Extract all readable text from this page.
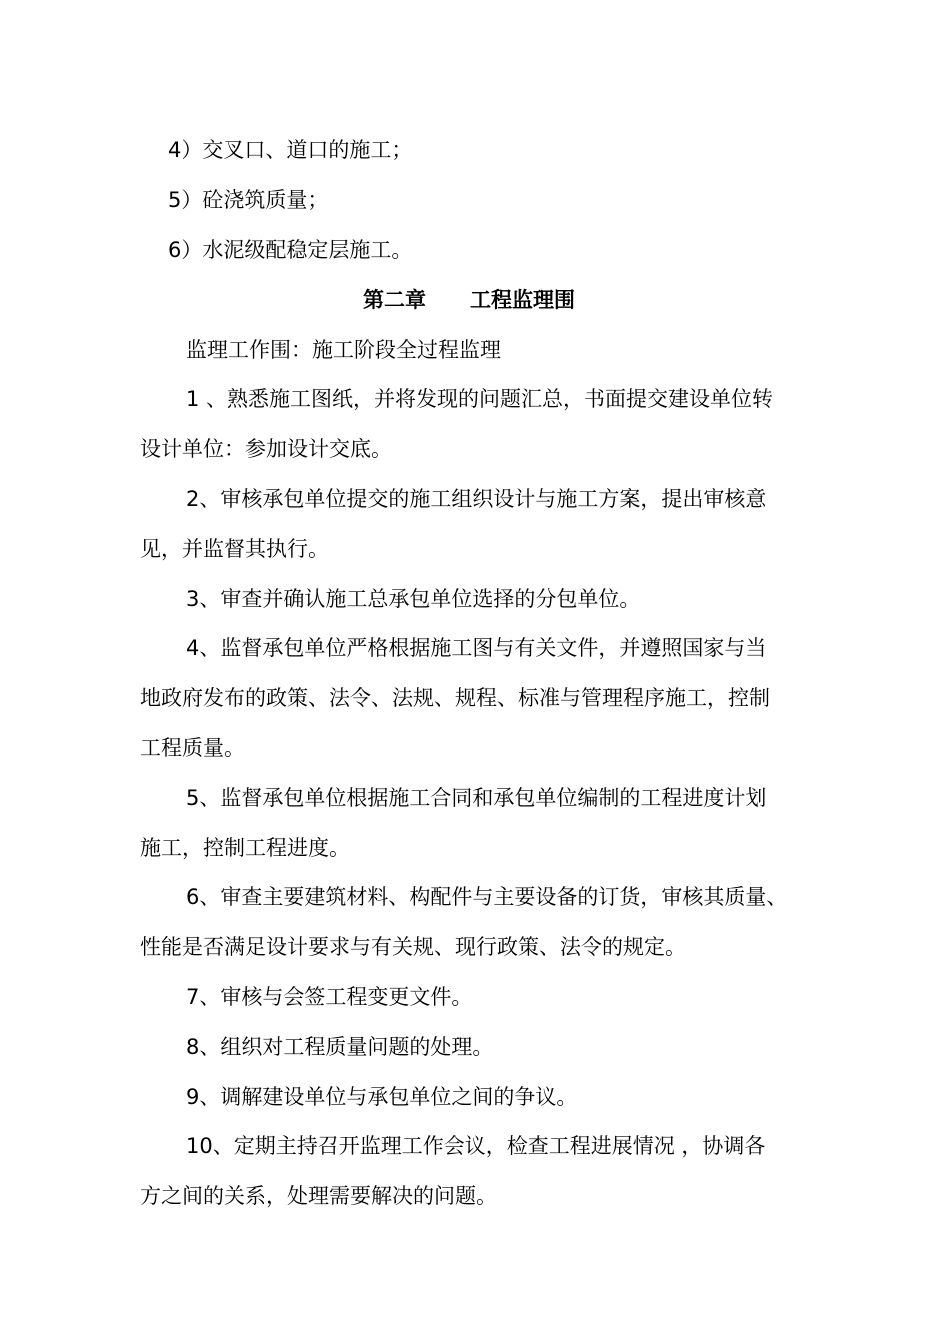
4）交叉口、道口的施工；
5）砼浇筑质量；
6）水泥级配稳定层施工。
第二章 工程监理围
监理工作围：施工阶段全过程监理
1 、熟悉施工图纸，并将发现的问题汇总，书面提交建设单位转
设计单位：参加设计交底。
2、审核承包单位提交的施工组织设计与施工方案，提出审核意
见，并监督其执行。
3、审查并确认施工总承包单位选择的分包单位。
4、监督承包单位严格根据施工图与有关文件，并遵照国家与当
地政府发布的政策、法令、法规、规程、标准与管理程序施工，控制
工程质量。
5、监督承包单位根据施工合同和承包单位编制的工程进度计划
施工，控制工程进度。
6、审查主要建筑材料、构配件与主要设备的订货，审核其质量、
性能是否满足设计要求与有关规、现行政策、法令的规定。
7、审核与会签工程变更文件。
8、组织对工程质量问题的处理。
9、调解建设单位与承包单位之间的争议。
10、定期主持召开监理工作会议，检查工程进展情况 ，协调各
方之间的关系，处理需要解决的问题。
